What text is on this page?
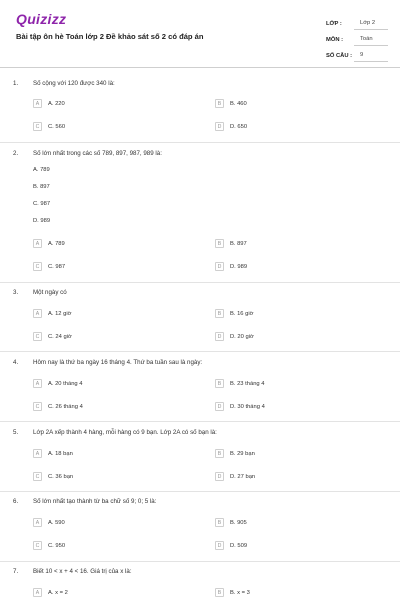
Quizizz
Bài tập ôn hè Toán lớp 2 Đề khảo sát số 2 có đáp án
LỚP :	Lớp 2
MÔN :	Toán
SỐ CÂU :	9
1. Số cộng với 120 được 340 là:
A	A. 220	B	B. 460
C	C. 560	D	D. 650
2. Số lớn nhất trong các số 789, 897, 987, 989 là:
A. 789
B. 897
C. 987
D. 989
A	A. 789	B	B. 897
C	C. 987	D	D. 989
3. Một ngày có
A	A. 12 giờ	B	B. 16 giờ
C	C. 24 giờ	D	D. 20 giờ
4. Hôm nay là thứ ba ngày 16 tháng 4. Thứ ba tuần sau là ngày:
A	A. 20 tháng 4	B	B. 23 tháng 4
C	C. 26 tháng 4	D	D. 30 tháng 4
5. Lớp 2A xếp thành 4 hàng, mỗi hàng có 9 bạn. Lớp 2A có số bạn là:
A	A. 18 bạn	B	B. 29 bạn
C	C. 36 bạn	D	D. 27 bạn
6. Số lớn nhất tạo thành từ ba chữ số 9; 0; 5 là:
A	A. 590	B	B. 905
C	C. 950	D	D. 509
7. Biết 10 < x + 4 < 16. Giá trị của x là:
A	A. x = 2	B	B. x = 3
